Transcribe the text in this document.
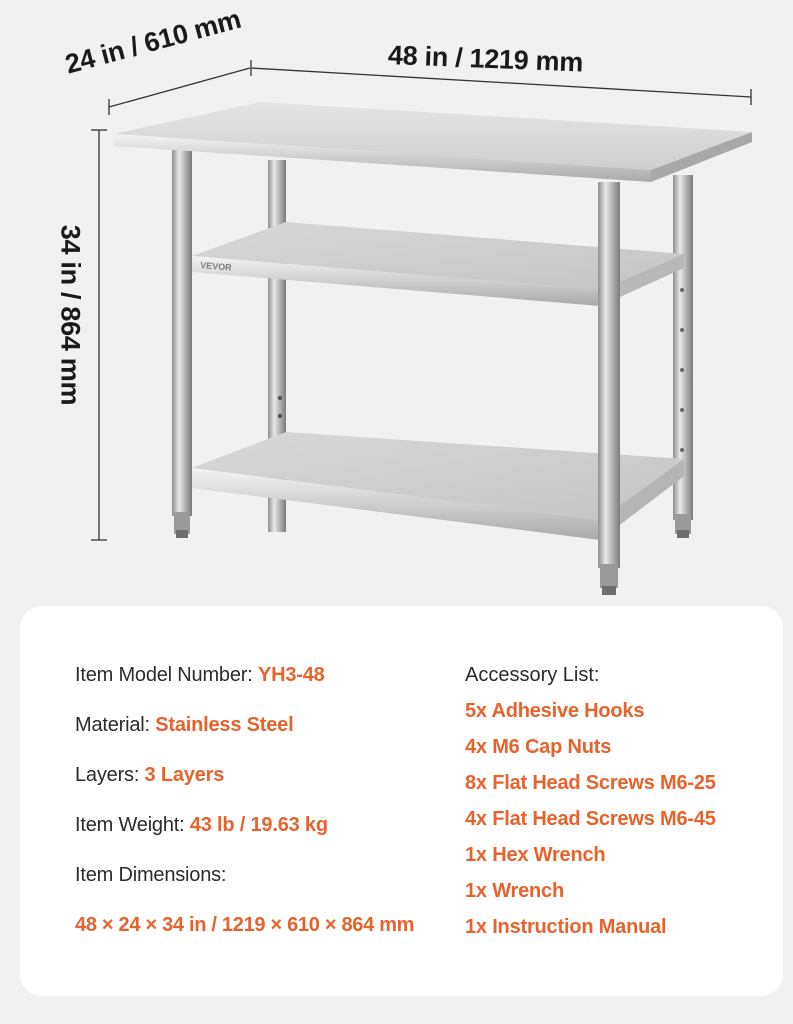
VEVOR
48 in / 1219 mm
24 in / 610 mm
34 in / 864 mm
Item Model Number: YH3-48
Material: Stainless Steel
Layers: 3 Layers
Item Weight: 43 lb / 19.63 kg
Item Dimensions:
48 × 24 × 34 in / 1219 × 610 × 864 mm
Accessory List:
5x Adhesive Hooks
4x M6 Cap Nuts
8x Flat Head Screws M6-25
4x Flat Head Screws M6-45
1x Hex Wrench
1x Wrench
1x Instruction Manual
